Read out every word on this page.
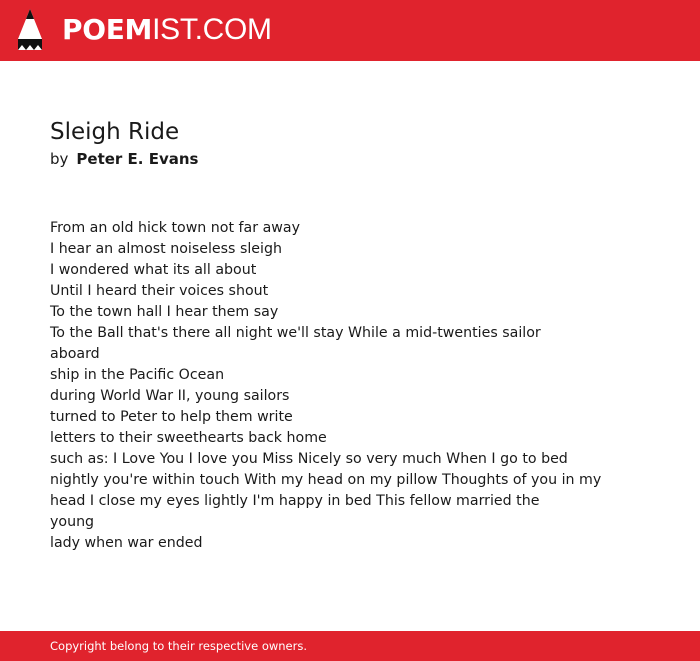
POEMIST.COM
Sleigh Ride
by Peter E. Evans
From an old hick town not far away
I hear an almost noiseless sleigh
I wondered what its all about
Until I heard their voices shout
To the town hall I hear them say
To the Ball that's there all night we'll stay While a mid-twenties sailor
aboard
ship in the Pacific Ocean
during World War II, young sailors
turned to Peter to help them write
letters to their sweethearts back home
such as: I Love You I love you Miss Nicely so very much When I go to bed
nightly you're within touch With my head on my pillow Thoughts of you in my
head I close my eyes lightly I'm happy in bed This fellow married the
young
lady when war ended
Copyright belong to their respective owners.
